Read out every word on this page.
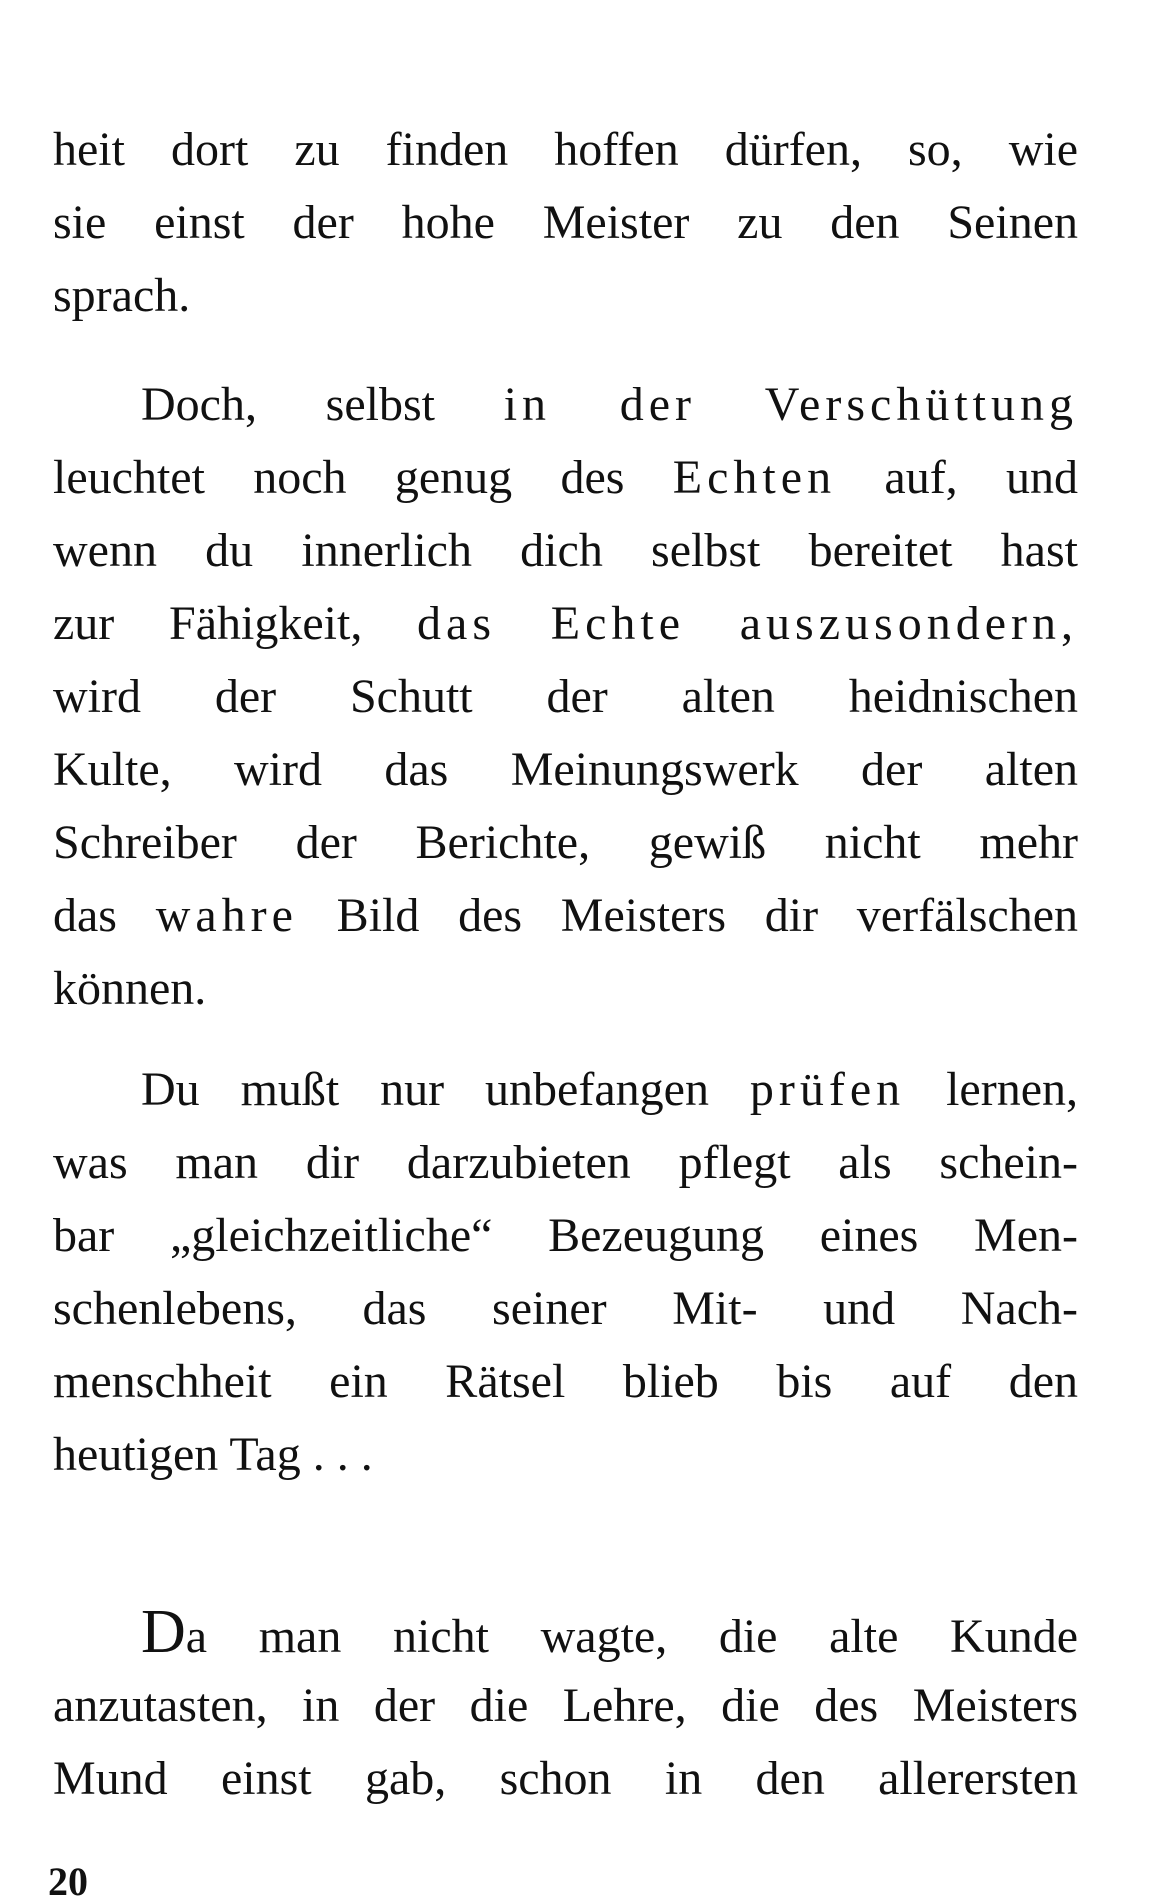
heit dort zu finden hoffen dürfen, so, wie
sie einst der hohe Meister zu den Seinen
sprach.
Doch, selbst in der Verschüttung
leuchtet noch genug des Echten auf, und
wenn du innerlich dich selbst bereitet hast
zur Fähigkeit, das Echte auszusondern,
wird der Schutt der alten heidnischen
Kulte, wird das Meinungswerk der alten
Schreiber der Berichte, gewiß nicht mehr
das wahre Bild des Meisters dir verfälschen
können.
Du mußt nur unbefangen prüfen lernen,
was man dir darzubieten pflegt als schein-
bar „gleichzeitliche“ Bezeugung eines Men-
schenlebens, das seiner Mit- und Nach-
menschheit ein Rätsel blieb bis auf den
heutigen Tag . . .
Da man nicht wagte, die alte Kunde
anzutasten, in der die Lehre, die des Meisters
Mund einst gab, schon in den allerersten
20
